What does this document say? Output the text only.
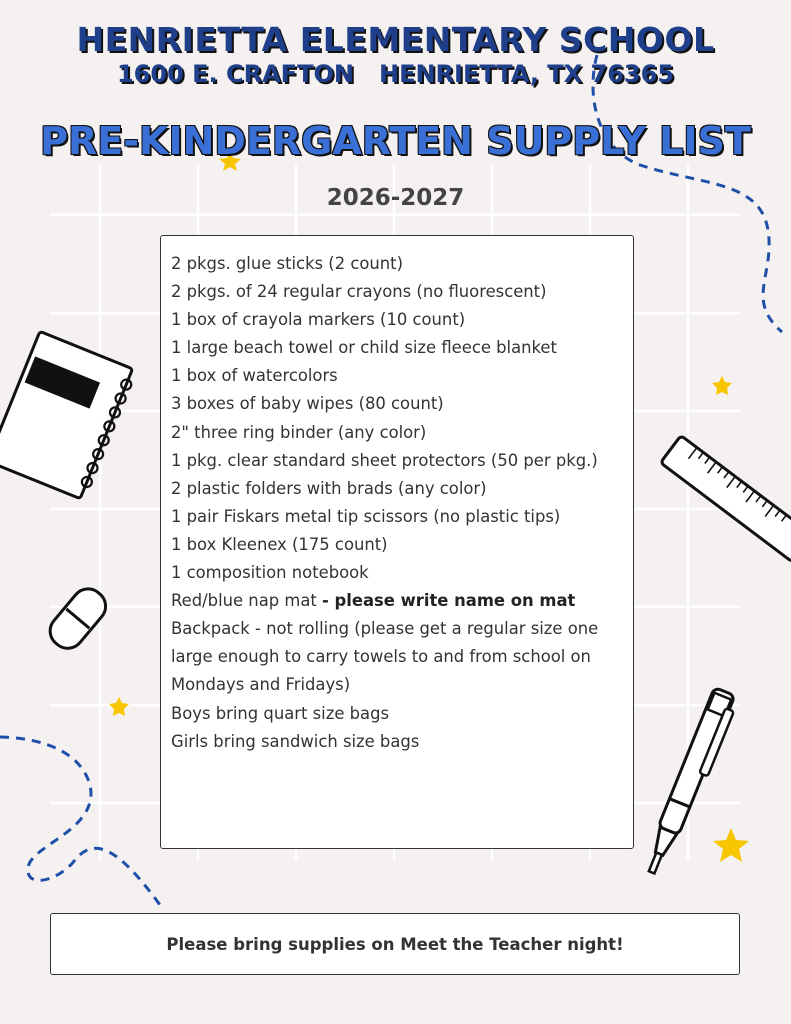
HENRIETTA ELEMENTARY SCHOOL
1600 E. CRAFTON   HENRIETTA, TX 76365
PRE-KINDERGARTEN SUPPLY LIST
2026-2027
2 pkgs. glue sticks (2 count)
2 pkgs. of 24 regular crayons (no fluorescent)
1 box of crayola markers (10 count)
1 large beach towel or child size fleece blanket
1 box of watercolors
3 boxes of baby wipes (80 count)
2" three ring binder (any color)
1 pkg. clear standard sheet protectors (50 per pkg.)
2 plastic folders with brads (any color)
1 pair Fiskars metal tip scissors (no plastic tips)
1 box Kleenex (175 count)
1 composition notebook
Red/blue nap mat - please write name on mat
Backpack - not rolling (please get a regular size one large enough to carry towels to and from school on Mondays and Fridays)
Boys bring quart size bags
Girls bring sandwich size bags
Please bring supplies on Meet the Teacher night!
